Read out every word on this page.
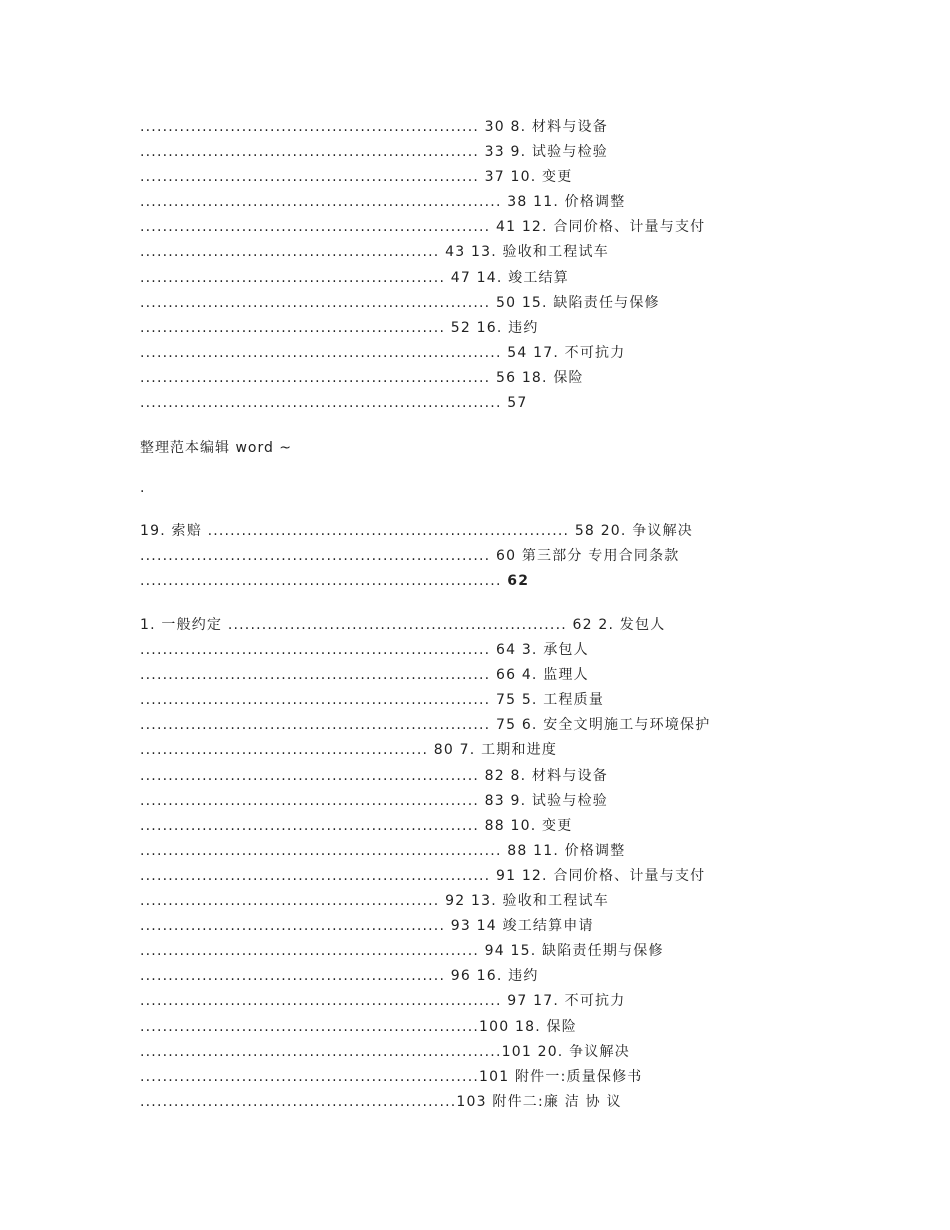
............................................................ 30 8. 材料与设备
............................................................ 33 9. 试验与检验
............................................................ 37 10. 变更
................................................................ 38 11. 价格调整
.............................................................. 41 12. 合同价格、计量与支付
..................................................... 43 13. 验收和工程试车
...................................................... 47 14. 竣工结算
.............................................................. 50 15. 缺陷责任与保修
...................................................... 52 16. 违约
................................................................ 54 17. 不可抗力
.............................................................. 56 18. 保险
................................................................ 57
整理范本编辑 word ~
.
19. 索赔 ................................................................ 58 20. 争议解决
.............................................................. 60 第三部分 专用合同条款
................................................................ 62
1. 一般约定 ............................................................ 62 2. 发包人
.............................................................. 64 3. 承包人
.............................................................. 66 4. 监理人
.............................................................. 75 5. 工程质量
.............................................................. 75 6. 安全文明施工与环境保护
................................................... 80 7. 工期和进度
............................................................ 82 8. 材料与设备
............................................................ 83 9. 试验与检验
............................................................ 88 10. 变更
................................................................ 88 11. 价格调整
.............................................................. 91 12. 合同价格、计量与支付
..................................................... 92 13. 验收和工程试车
...................................................... 93 14 竣工结算申请
............................................................ 94 15. 缺陷责任期与保修
...................................................... 96 16. 违约
................................................................ 97 17. 不可抗力
............................................................100 18. 保险
................................................................101 20. 争议解决
............................................................101 附件一:质量保修书
........................................................103 附件二:廉 洁 协 议
